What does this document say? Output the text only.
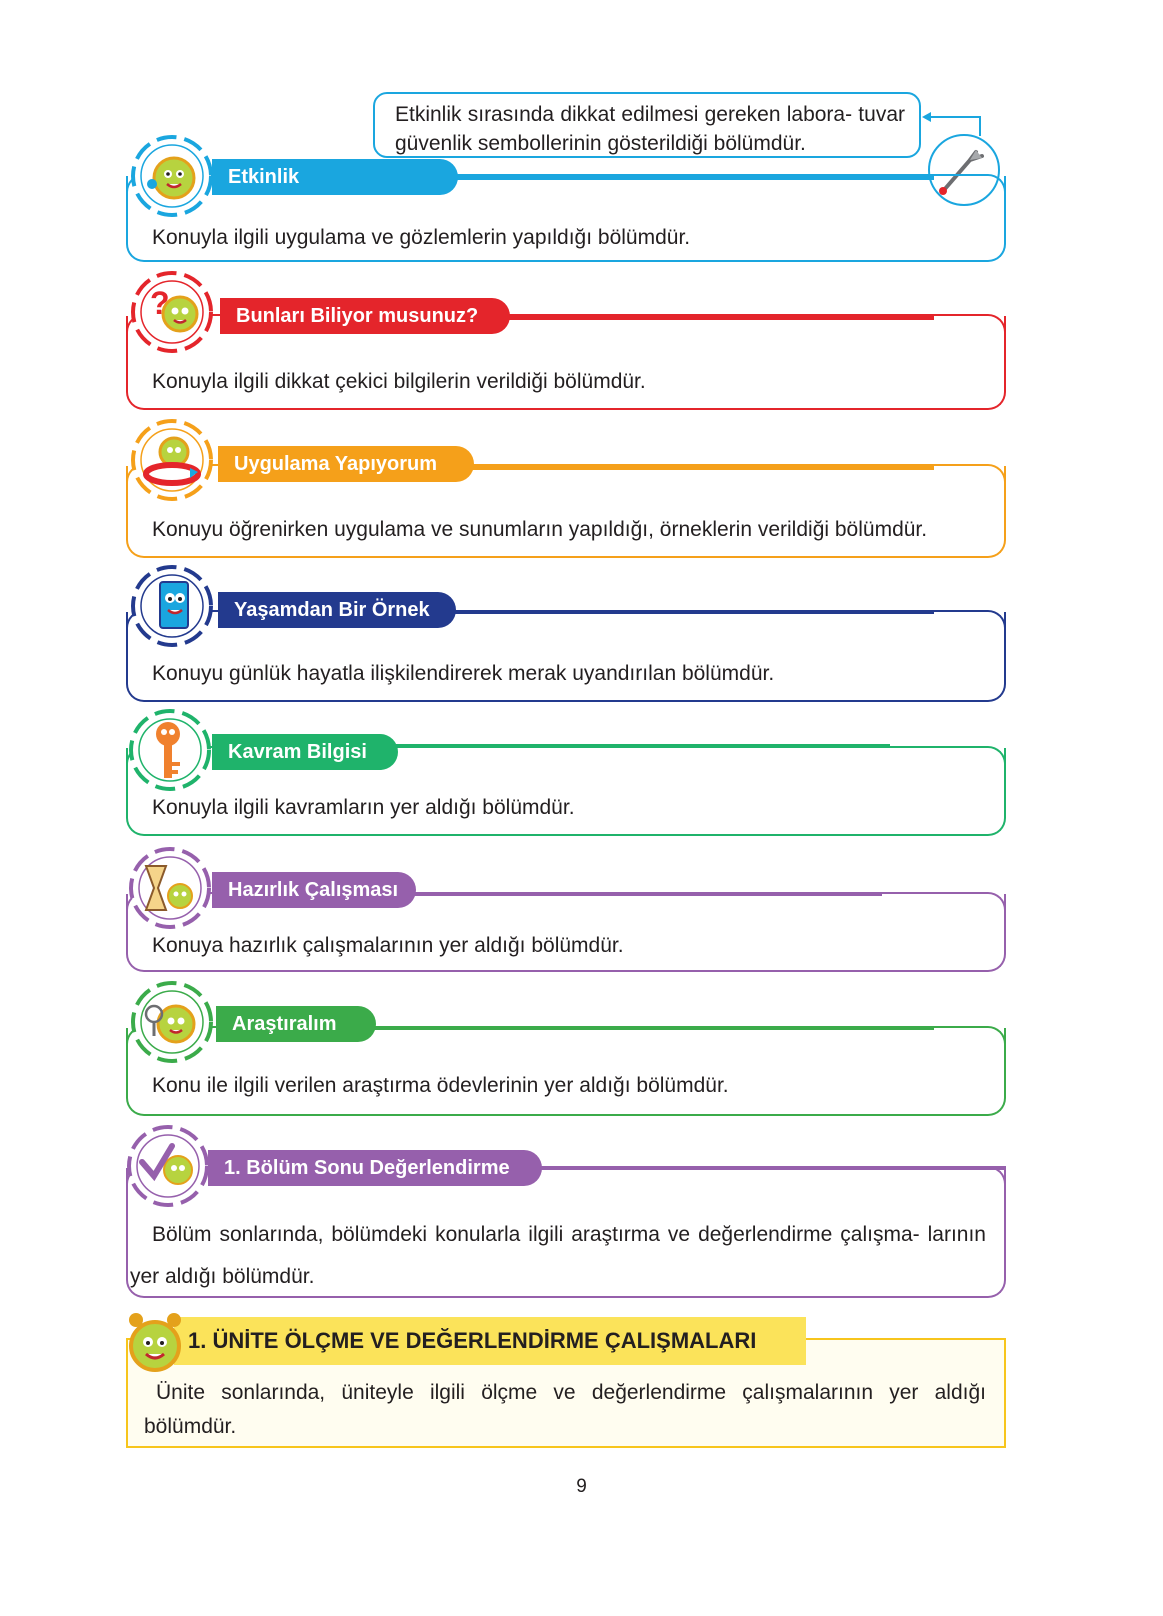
Etkinlik sırasında dikkat edilmesi gereken labora- tuvar güvenlik sembollerinin gösterildiği bölümdür.
Etkinlik
Konuyla ilgili uygulama ve gözlemlerin yapıldığı bölümdür.
Bunları Biliyor musunuz?
Konuyla ilgili dikkat çekici bilgilerin verildiği bölümdür.
?
Uygulama Yapıyorum
Konuyu öğrenirken uygulama ve sunumların yapıldığı, örneklerin verildiği bölümdür.
Yaşamdan Bir Örnek
Konuyu günlük hayatla ilişkilendirerek merak uyandırılan bölümdür.
Kavram Bilgisi
Konuyla ilgili kavramların yer aldığı bölümdür.
Hazırlık Çalışması
Konuya hazırlık çalışmalarının yer aldığı bölümdür.
Araştıralım
Konu ile ilgili verilen araştırma ödevlerinin yer aldığı bölümdür.
1. Bölüm Sonu Değerlendirme
Bölüm sonlarında, bölümdeki konularla ilgili araştırma ve değerlendirme çalışma- larının yer aldığı bölümdür.
1. ÜNİTE ÖLÇME VE DEĞERLENDİRME ÇALIŞMALARI
Ünite sonlarında, üniteyle ilgili ölçme ve değerlendirme çalışmalarının yer aldığı bölümdür.
9
